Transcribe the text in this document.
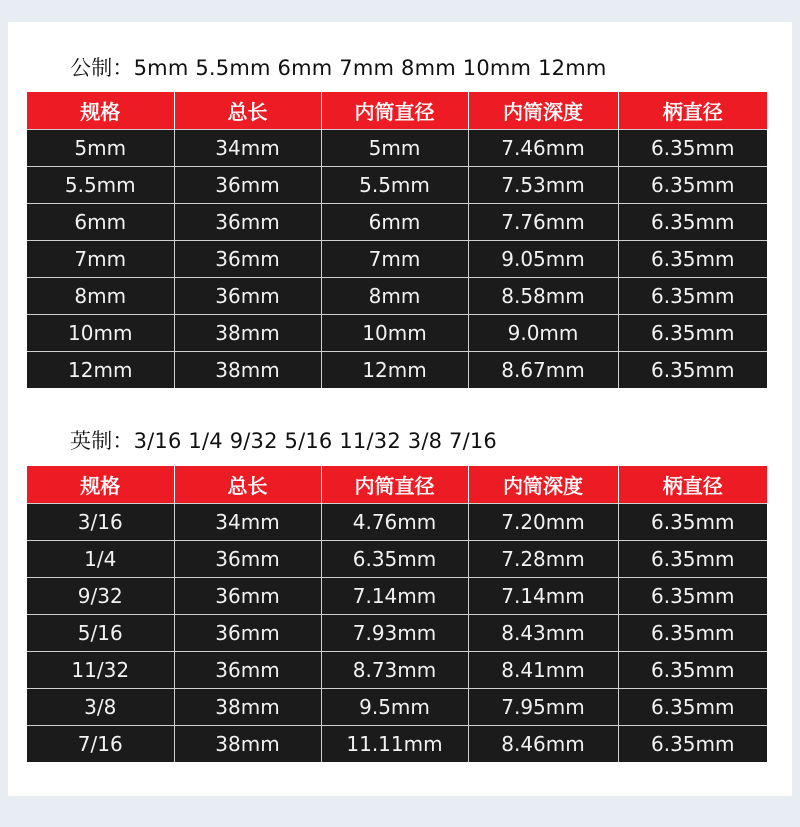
公制：5mm 5.5mm 6mm 7mm 8mm 10mm 12mm
规格	总长	内筒直径	内筒深度	柄直径
5mm	34mm	5mm	7.46mm	6.35mm
5.5mm	36mm	5.5mm	7.53mm	6.35mm
6mm	36mm	6mm	7.76mm	6.35mm
7mm	36mm	7mm	9.05mm	6.35mm
8mm	36mm	8mm	8.58mm	6.35mm
10mm	38mm	10mm	9.0mm	6.35mm
12mm	38mm	12mm	8.67mm	6.35mm
英制：3/16 1/4 9/32 5/16 11/32 3/8 7/16
规格	总长	内筒直径	内筒深度	柄直径
3/16	34mm	4.76mm	7.20mm	6.35mm
1/4	36mm	6.35mm	7.28mm	6.35mm
9/32	36mm	7.14mm	7.14mm	6.35mm
5/16	36mm	7.93mm	8.43mm	6.35mm
11/32	36mm	8.73mm	8.41mm	6.35mm
3/8	38mm	9.5mm	7.95mm	6.35mm
7/16	38mm	11.11mm	8.46mm	6.35mm
